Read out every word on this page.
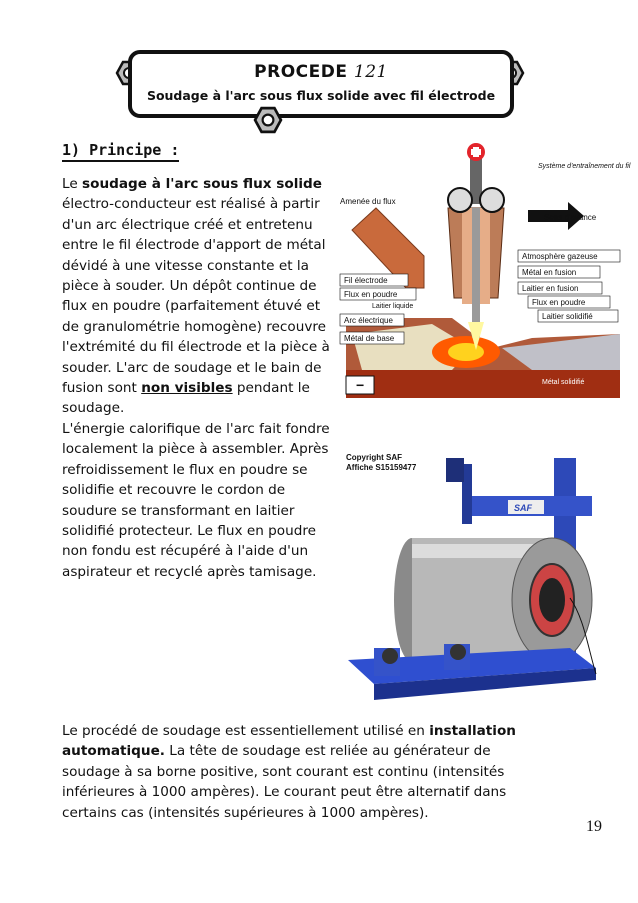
PROCEDE 121
Soudage à l'arc sous flux solide avec fil électrode
1) Principe :
Le soudage à l'arc sous flux solide électro-conducteur est réalisé à partir d'un arc électrique créé et entretenu entre le fil électrode d'apport de métal dévidé à une vitesse constante et la pièce à souder. Un dépôt continue de flux en poudre (parfaitement étuvé et de granulométrie homogène) recouvre l'extrémité du fil électrode et la pièce à souder. L'arc de soudage et le bain de fusion sont non visibles pendant le soudage.
L'énergie calorifique de l'arc fait fondre localement la pièce à assembler. Après refroidissement le flux en poudre se solidifie et recouvre le cordon de soudure se transformant en laitier solidifié protecteur. Le flux en poudre non fondu est récupéré à l'aide d'un aspirateur et recyclé après tamisage.
−
Système d'entraînement du fil
Amenée du flux
Sens d'avance
Atmosphère gazeuse
Métal en fusion
Laitier en fusion
Flux en poudre
Laitier solidifié
Fil électrode
Flux en poudre
Laitier liquide
Arc électrique
Métal de base
Métal solidifié
Copyright SAF
Affiche S15159477
SAF
Le procédé de soudage est essentiellement utilisé en installation automatique. La tête de soudage est reliée au générateur de soudage à sa borne positive, sont courant est continu (intensités inférieures à 1000 ampères). Le courant peut être alternatif dans certains cas (intensités supérieures à 1000 ampères).
19
